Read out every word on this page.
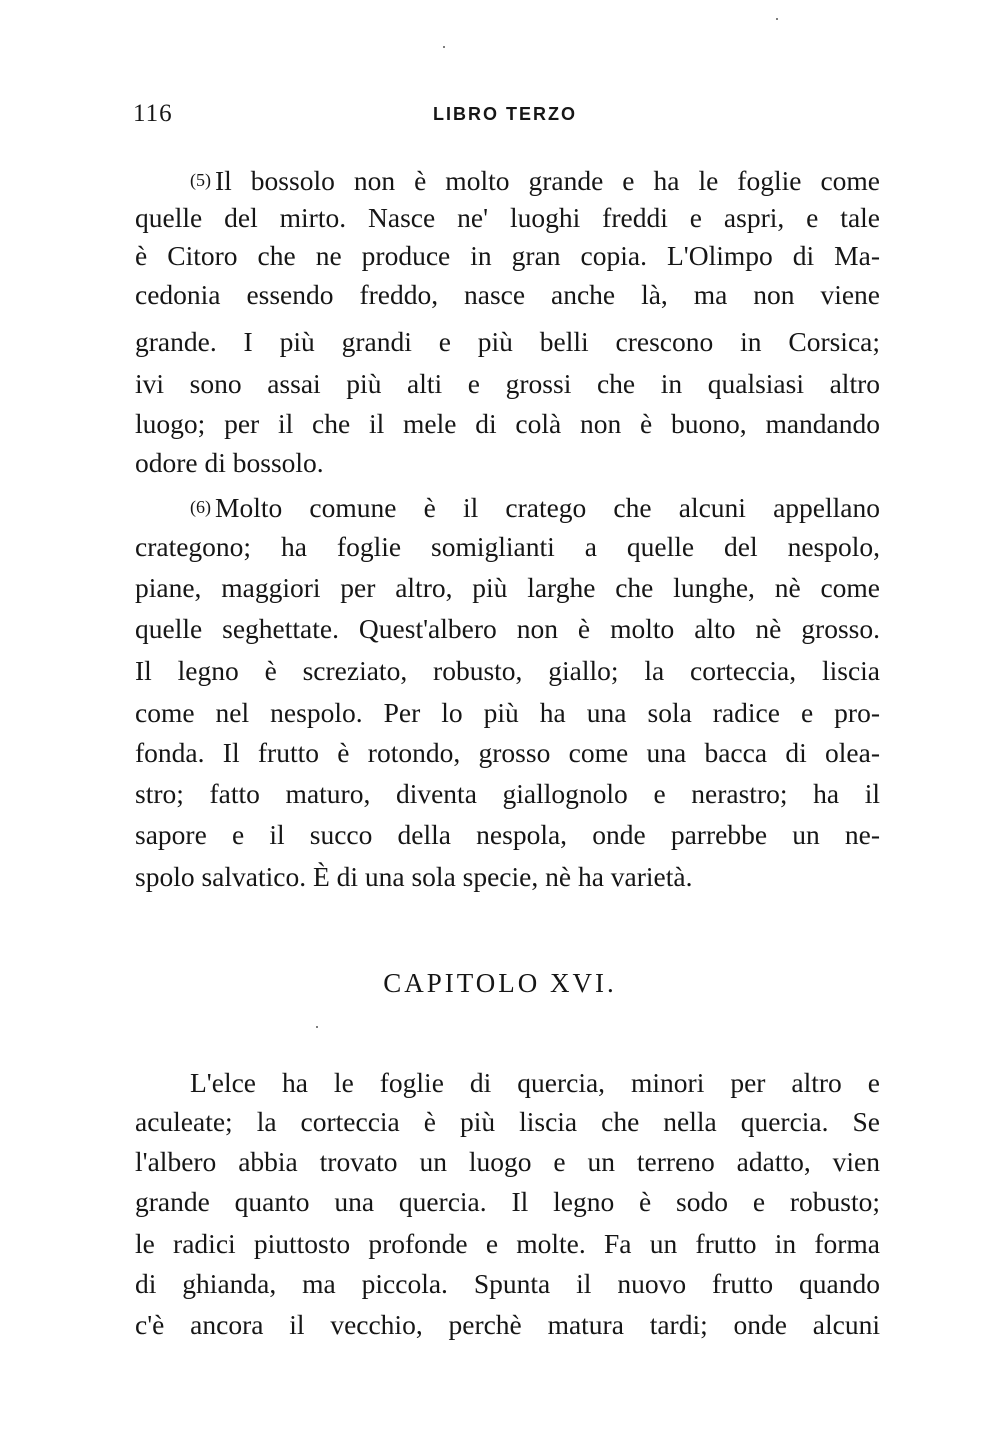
116	LIBRO TERZO
(5) Il bossolo non è molto grande e ha le foglie come
quelle del mirto. Nasce ne' luoghi freddi e aspri, e tale
è Citoro che ne produce in gran copia. L'Olimpo di Ma-
cedonia essendo freddo, nasce anche là, ma non viene
grande. I più grandi e più belli crescono in Corsica;
ivi sono assai più alti e grossi che in qualsiasi altro
luogo; per il che il mele di colà non è buono, mandando
odore di bossolo.
(6) Molto comune è il cratego che alcuni appellano
crategono; ha foglie somiglianti a quelle del nespolo,
piane, maggiori per altro, più larghe che lunghe, nè come
quelle seghettate. Quest'albero non è molto alto nè grosso.
Il legno è screziato, robusto, giallo; la corteccia, liscia
come nel nespolo. Per lo più ha una sola radice e pro-
fonda. Il frutto è rotondo, grosso come una bacca di olea-
stro; fatto maturo, diventa giallognolo e nerastro; ha il
sapore e il succo della nespola, onde parrebbe un ne-
spolo salvatico. È di una sola specie, nè ha varietà.
CAPITOLO XVI.
L'elce ha le foglie di quercia, minori per altro e
aculeate; la corteccia è più liscia che nella quercia. Se
l'albero abbia trovato un luogo e un terreno adatto, vien
grande quanto una quercia. Il legno è sodo e robusto;
le radici piuttosto profonde e molte. Fa un frutto in forma
di ghianda, ma piccola. Spunta il nuovo frutto quando
c'è ancora il vecchio, perchè matura tardi; onde alcuni
